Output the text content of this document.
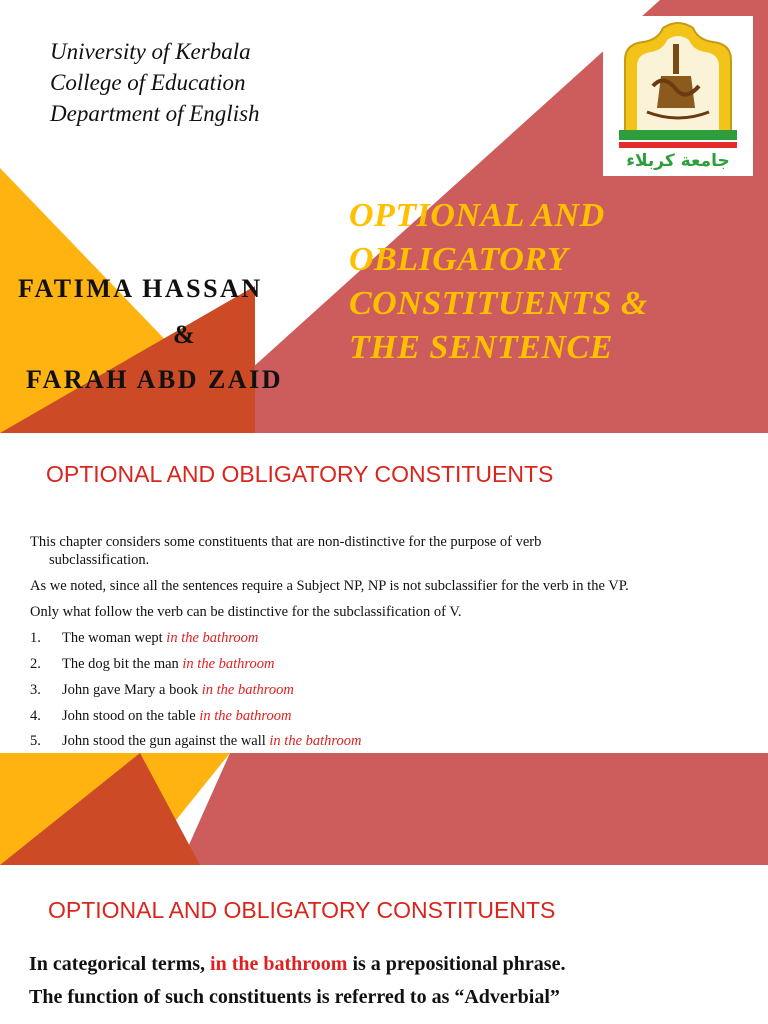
University of Kerbala
College of Education
Department of English
جامعة كربلاء
FATIMA HASSAN
&
FARAH ABD ZAID
OPTIONAL AND
OBLIGATORY
CONSTITUENTS &
THE SENTENCE
OPTIONAL AND OBLIGATORY CONSTITUENTS
This chapter considers some constituents that are non-distinctive for the purpose of verb
subclassification.
As we noted, since all the sentences require a Subject NP, NP is not subclassifier for the verb in the VP.
Only what follow the verb can be distinctive for the subclassification of V.
1. The woman wept in the bathroom
2. The dog bit the man in the bathroom
3. John gave Mary a book in the bathroom
4. John stood on the table in the bathroom
5. John stood the gun against the wall in the bathroom
OPTIONAL AND OBLIGATORY CONSTITUENTS
In categorical terms, in the bathroom is a prepositional phrase.
The function of such constituents is referred to as “Adverbial”
